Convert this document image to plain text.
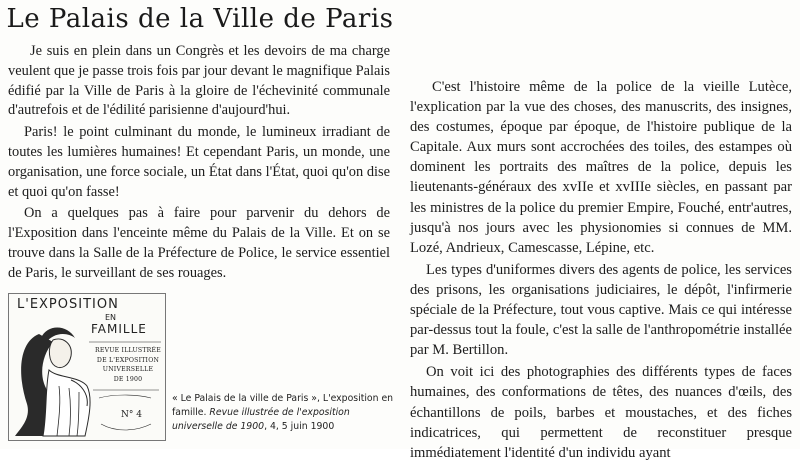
Le Palais de la Ville de Paris

Je suis en plein dans un Congrès et les devoirs de ma charge veulent que je passe trois fois par jour devant le magnifique Palais édifié par la Ville de Paris à la gloire de l'échevinité communale d'autrefois et de l'édilité parisienne d'aujourd'hui.

Paris! le point culminant du monde, le lumineux irradiant de toutes les lumières humaines! Et cependant Paris, un monde, une organisation, une force sociale, un État dans l'État, quoi qu'on dise et quoi qu'on fasse!

On a quelques pas à faire pour parvenir du dehors de l'Exposition dans l'enceinte même du Palais de la Ville. Et on se trouve dans la Salle de la Préfecture de Police, le service essentiel de Paris, le surveillant de ses rouages.

C'est l'histoire même de la police de la vieille Lutèce, l'explication par la vue des choses, des manuscrits, des insignes, des costumes, époque par époque, de l'histoire publique de la Capitale. Aux murs sont accrochées des toiles, des estampes où dominent les portraits des maîtres de la police, depuis les lieutenants-généraux des xvIIe et xvIIIe siècles, en passant par les ministres de la police du premier Empire, Fouché, entr'autres, jusqu'à nos jours avec les physionomies si connues de MM. Lozé, Andrieux, Camescasse, Lépine, etc.

Les types d'uniformes divers des agents de police, les services des prisons, les organisations judiciaires, le dépôt, l'infirmerie spéciale de la Préfecture, tout vous captive. Mais ce qui intéresse par-dessus tout la foule, c'est la salle de l'anthropométrie installée par M. Bertillon.

On voit ici des photographies des différents types de faces humaines, des conformations de têtes, des nuances d'œils, des échantillons de poils, barbes et moustaches, et des fiches indicatrices, qui permettent de reconstituer presque immédiatement l'identité d'un individu ayant

L'EXPOSITION
EN
FAMILLE
REVUE ILLUSTRÉE
DE L'EXPOSITION
UNIVERSELLE
DE 1900
N° 4
« Le Palais de la ville de Paris », L'exposition en famille. Revue illustrée de l'exposition universelle de 1900, 4, 5 juin 1900
